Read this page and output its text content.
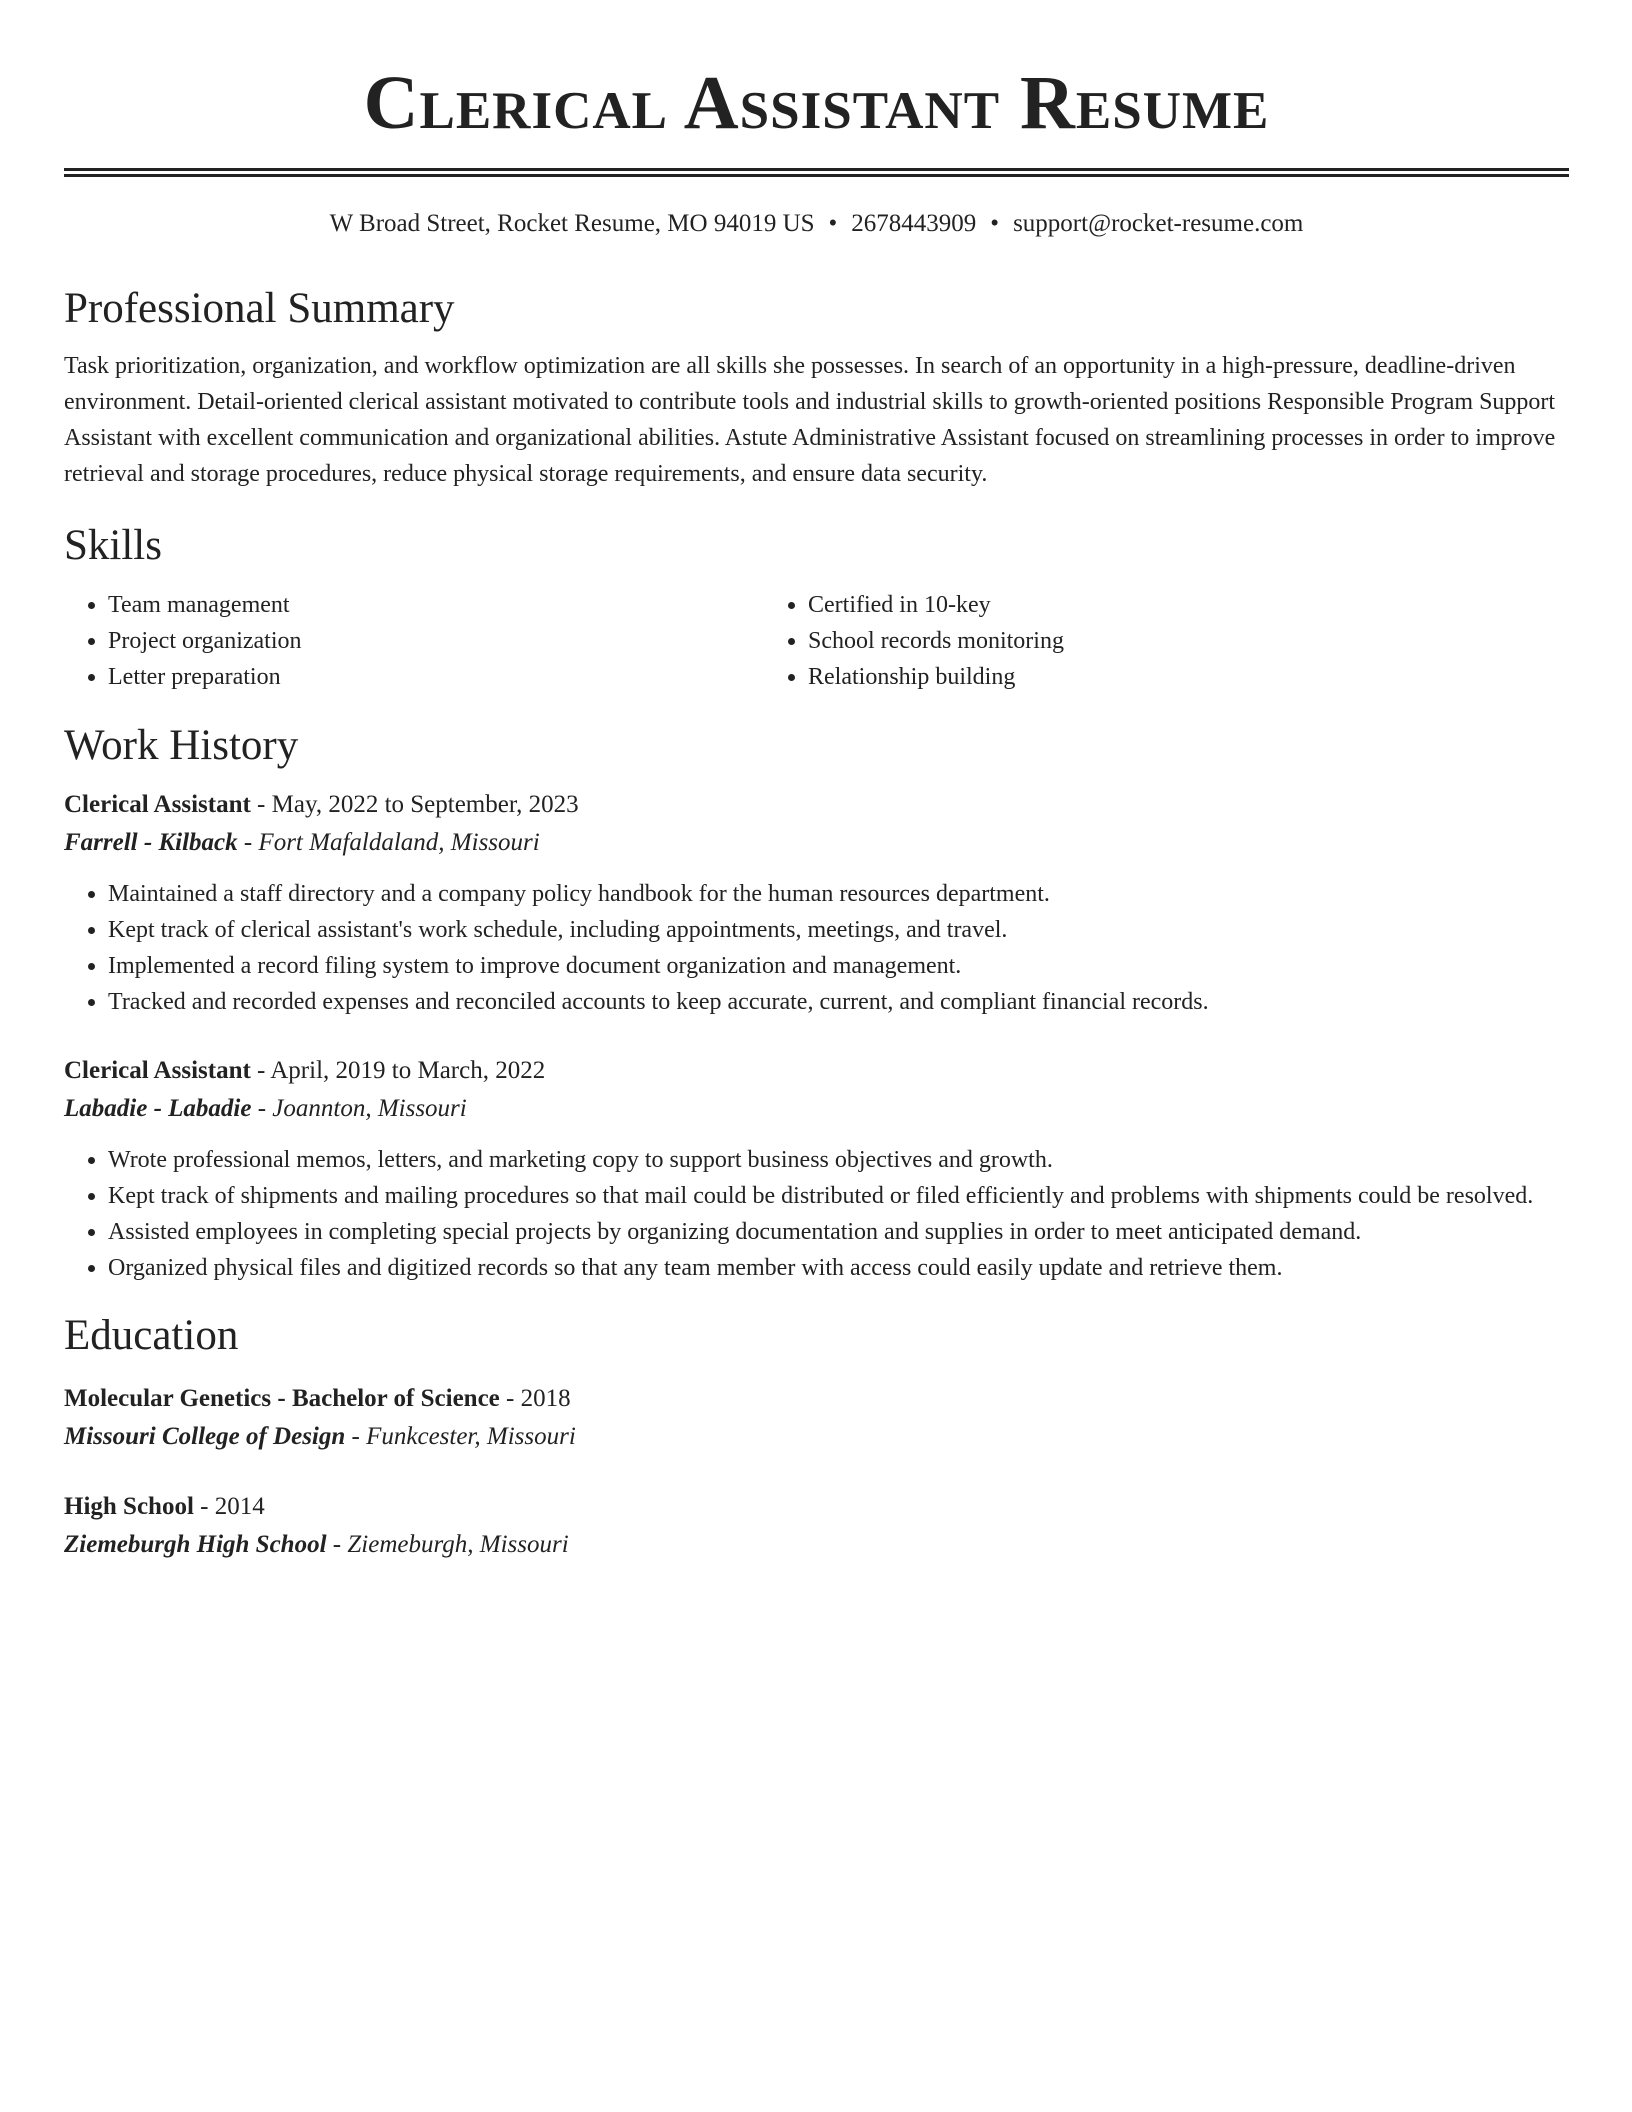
Clerical Assistant Resume
W Broad Street, Rocket Resume, MO 94019 US • 2678443909 • support@rocket-resume.com
Professional Summary

Task prioritization, organization, and workflow optimization are all skills she possesses. In search of an opportunity in a high-pressure, deadline-driven environment. Detail-oriented clerical assistant motivated to contribute tools and industrial skills to growth-oriented positions Responsible Program Support Assistant with excellent communication and organizational abilities. Astute Administrative Assistant focused on streamlining processes in order to improve retrieval and storage procedures, reduce physical storage requirements, and ensure data security.

Skills
• Team management
• Project organization
• Letter preparation
• Certified in 10-key
• School records monitoring
• Relationship building
Work History
Clerical Assistant - May, 2022 to September, 2023
Farrell - Kilback - Fort Mafaldaland, Missouri
• Maintained a staff directory and a company policy handbook for the human resources department.
• Kept track of clerical assistant's work schedule, including appointments, meetings, and travel.
• Implemented a record filing system to improve document organization and management.
• Tracked and recorded expenses and reconciled accounts to keep accurate, current, and compliant financial records.
Clerical Assistant - April, 2019 to March, 2022
Labadie - Labadie - Joannton, Missouri
• Wrote professional memos, letters, and marketing copy to support business objectives and growth.
• Kept track of shipments and mailing procedures so that mail could be distributed or filed efficiently and problems with shipments could be resolved.
• Assisted employees in completing special projects by organizing documentation and supplies in order to meet anticipated demand.
• Organized physical files and digitized records so that any team member with access could easily update and retrieve them.
Education
Molecular Genetics - Bachelor of Science - 2018
Missouri College of Design - Funkcester, Missouri
High School - 2014
Ziemeburgh High School - Ziemeburgh, Missouri
